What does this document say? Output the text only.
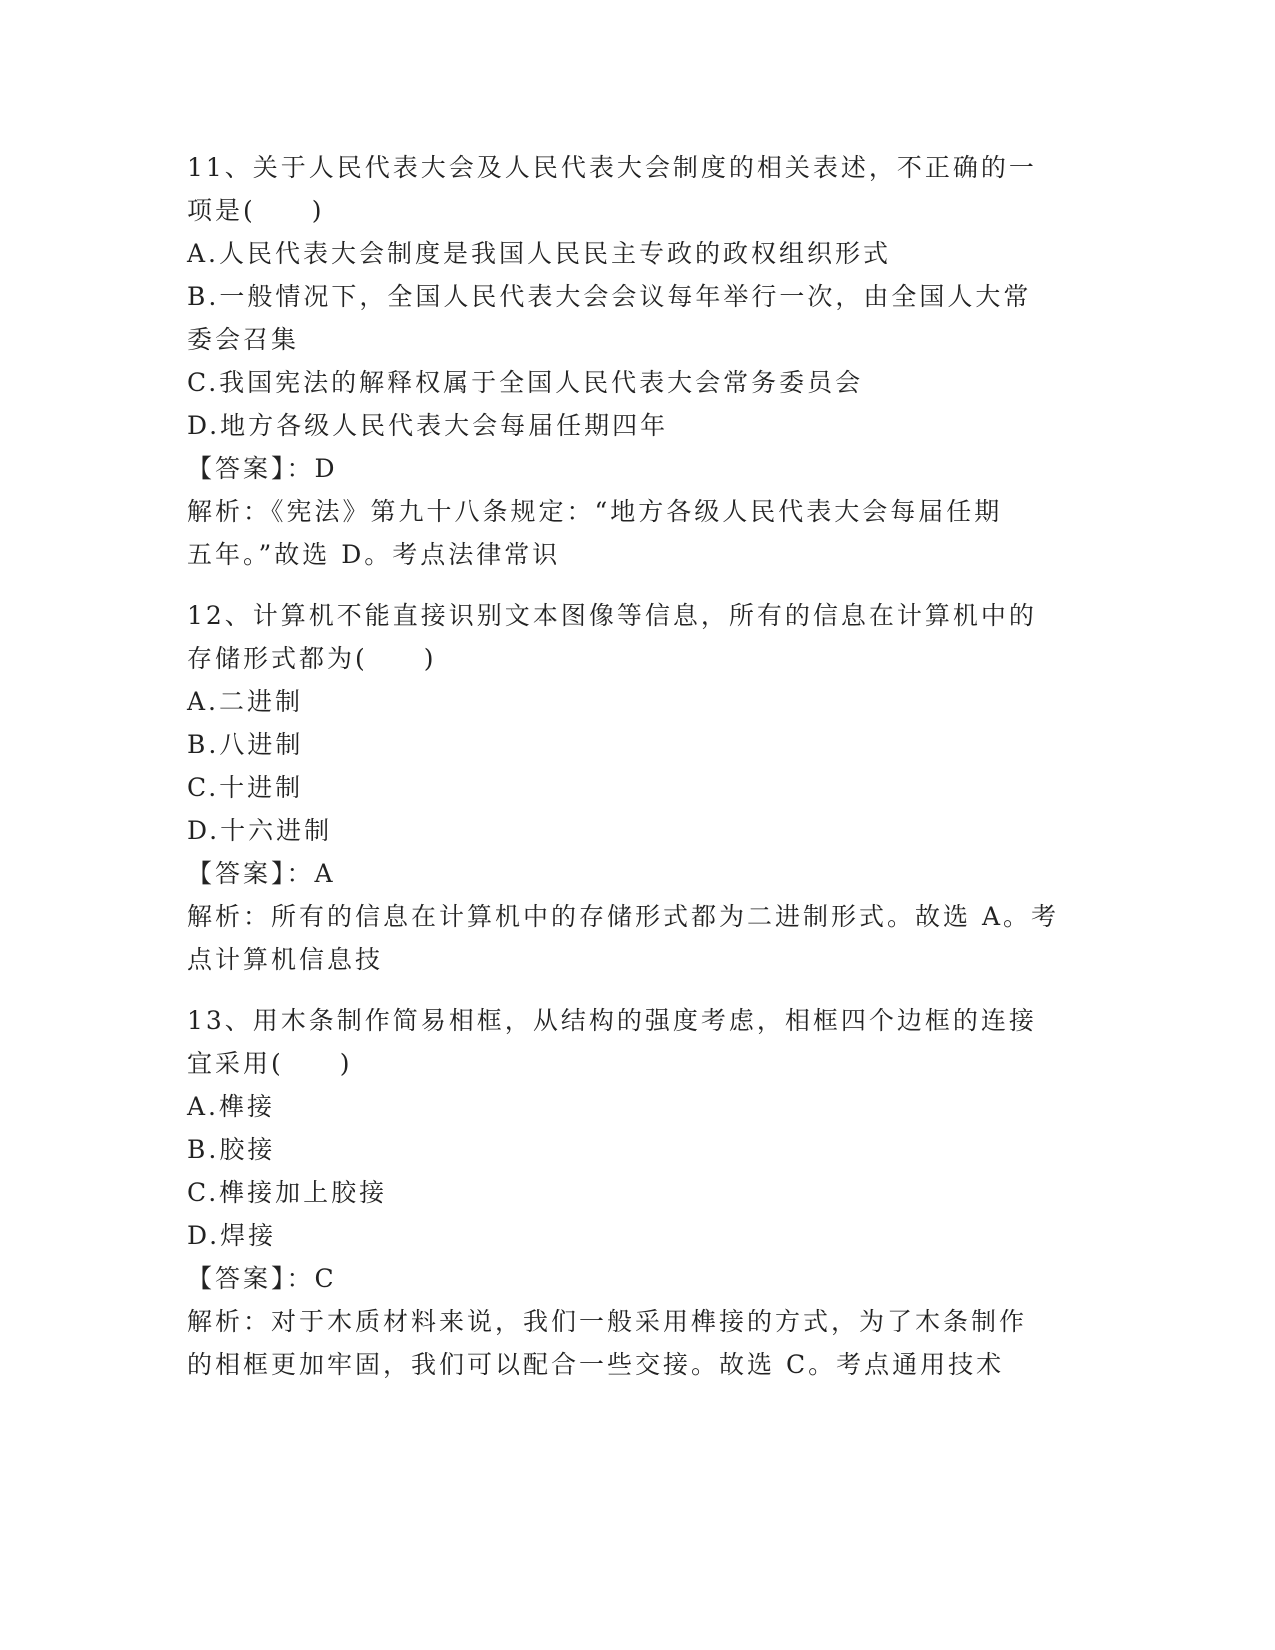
11、关于人民代表大会及人民代表大会制度的相关表述，不正确的一
项是(　　)
A.人民代表大会制度是我国人民民主专政的政权组织形式
B.一般情况下，全国人民代表大会会议每年举行一次，由全国人大常
委会召集
C.我国宪法的解释权属于全国人民代表大会常务委员会
D.地方各级人民代表大会每届任期四年
【答案】：D
解析：《宪法》第九十八条规定：“地方各级人民代表大会每届任期
五年。”故选 D。考点法律常识
12、计算机不能直接识别文本图像等信息，所有的信息在计算机中的
存储形式都为(　　)
A.二进制
B.八进制
C.十进制
D.十六进制
【答案】：A
解析：所有的信息在计算机中的存储形式都为二进制形式。故选 A。考
点计算机信息技
13、用木条制作简易相框，从结构的强度考虑，相框四个边框的连接
宜采用(　　)
A.榫接
B.胶接
C.榫接加上胶接
D.焊接
【答案】：C
解析：对于木质材料来说，我们一般采用榫接的方式，为了木条制作
的相框更加牢固，我们可以配合一些交接。故选 C。考点通用技术
